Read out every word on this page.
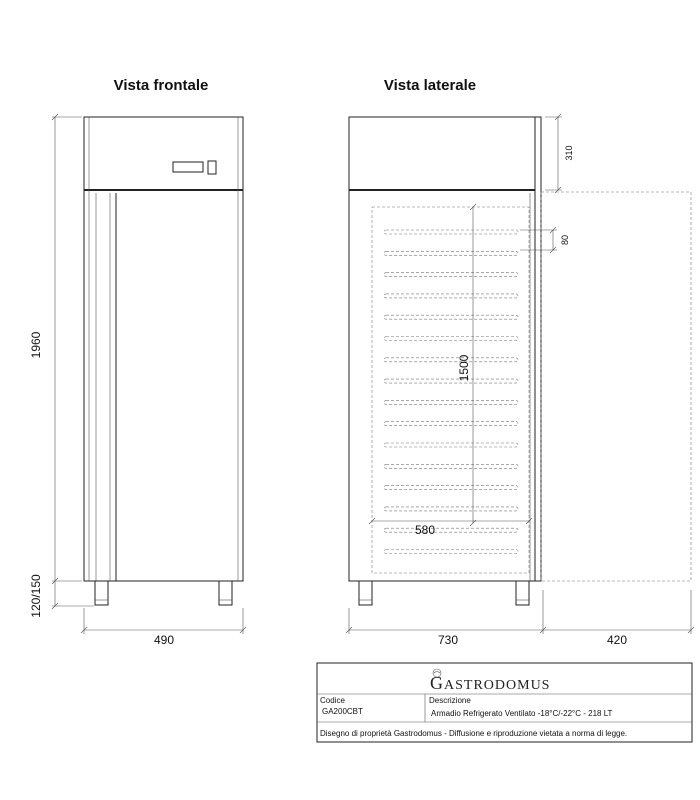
Vista frontale	Vista laterale
1960
120/150
490
1500
580
310
80
730	420
GASTRODOMUS
Codice
GA200CBT
Descrizione
Armadio Refrigerato Ventilato -18°C/-22°C - 218 LT
Disegno di proprietà Gastrodomus - Diffusione e riproduzione vietata a norma di legge.
